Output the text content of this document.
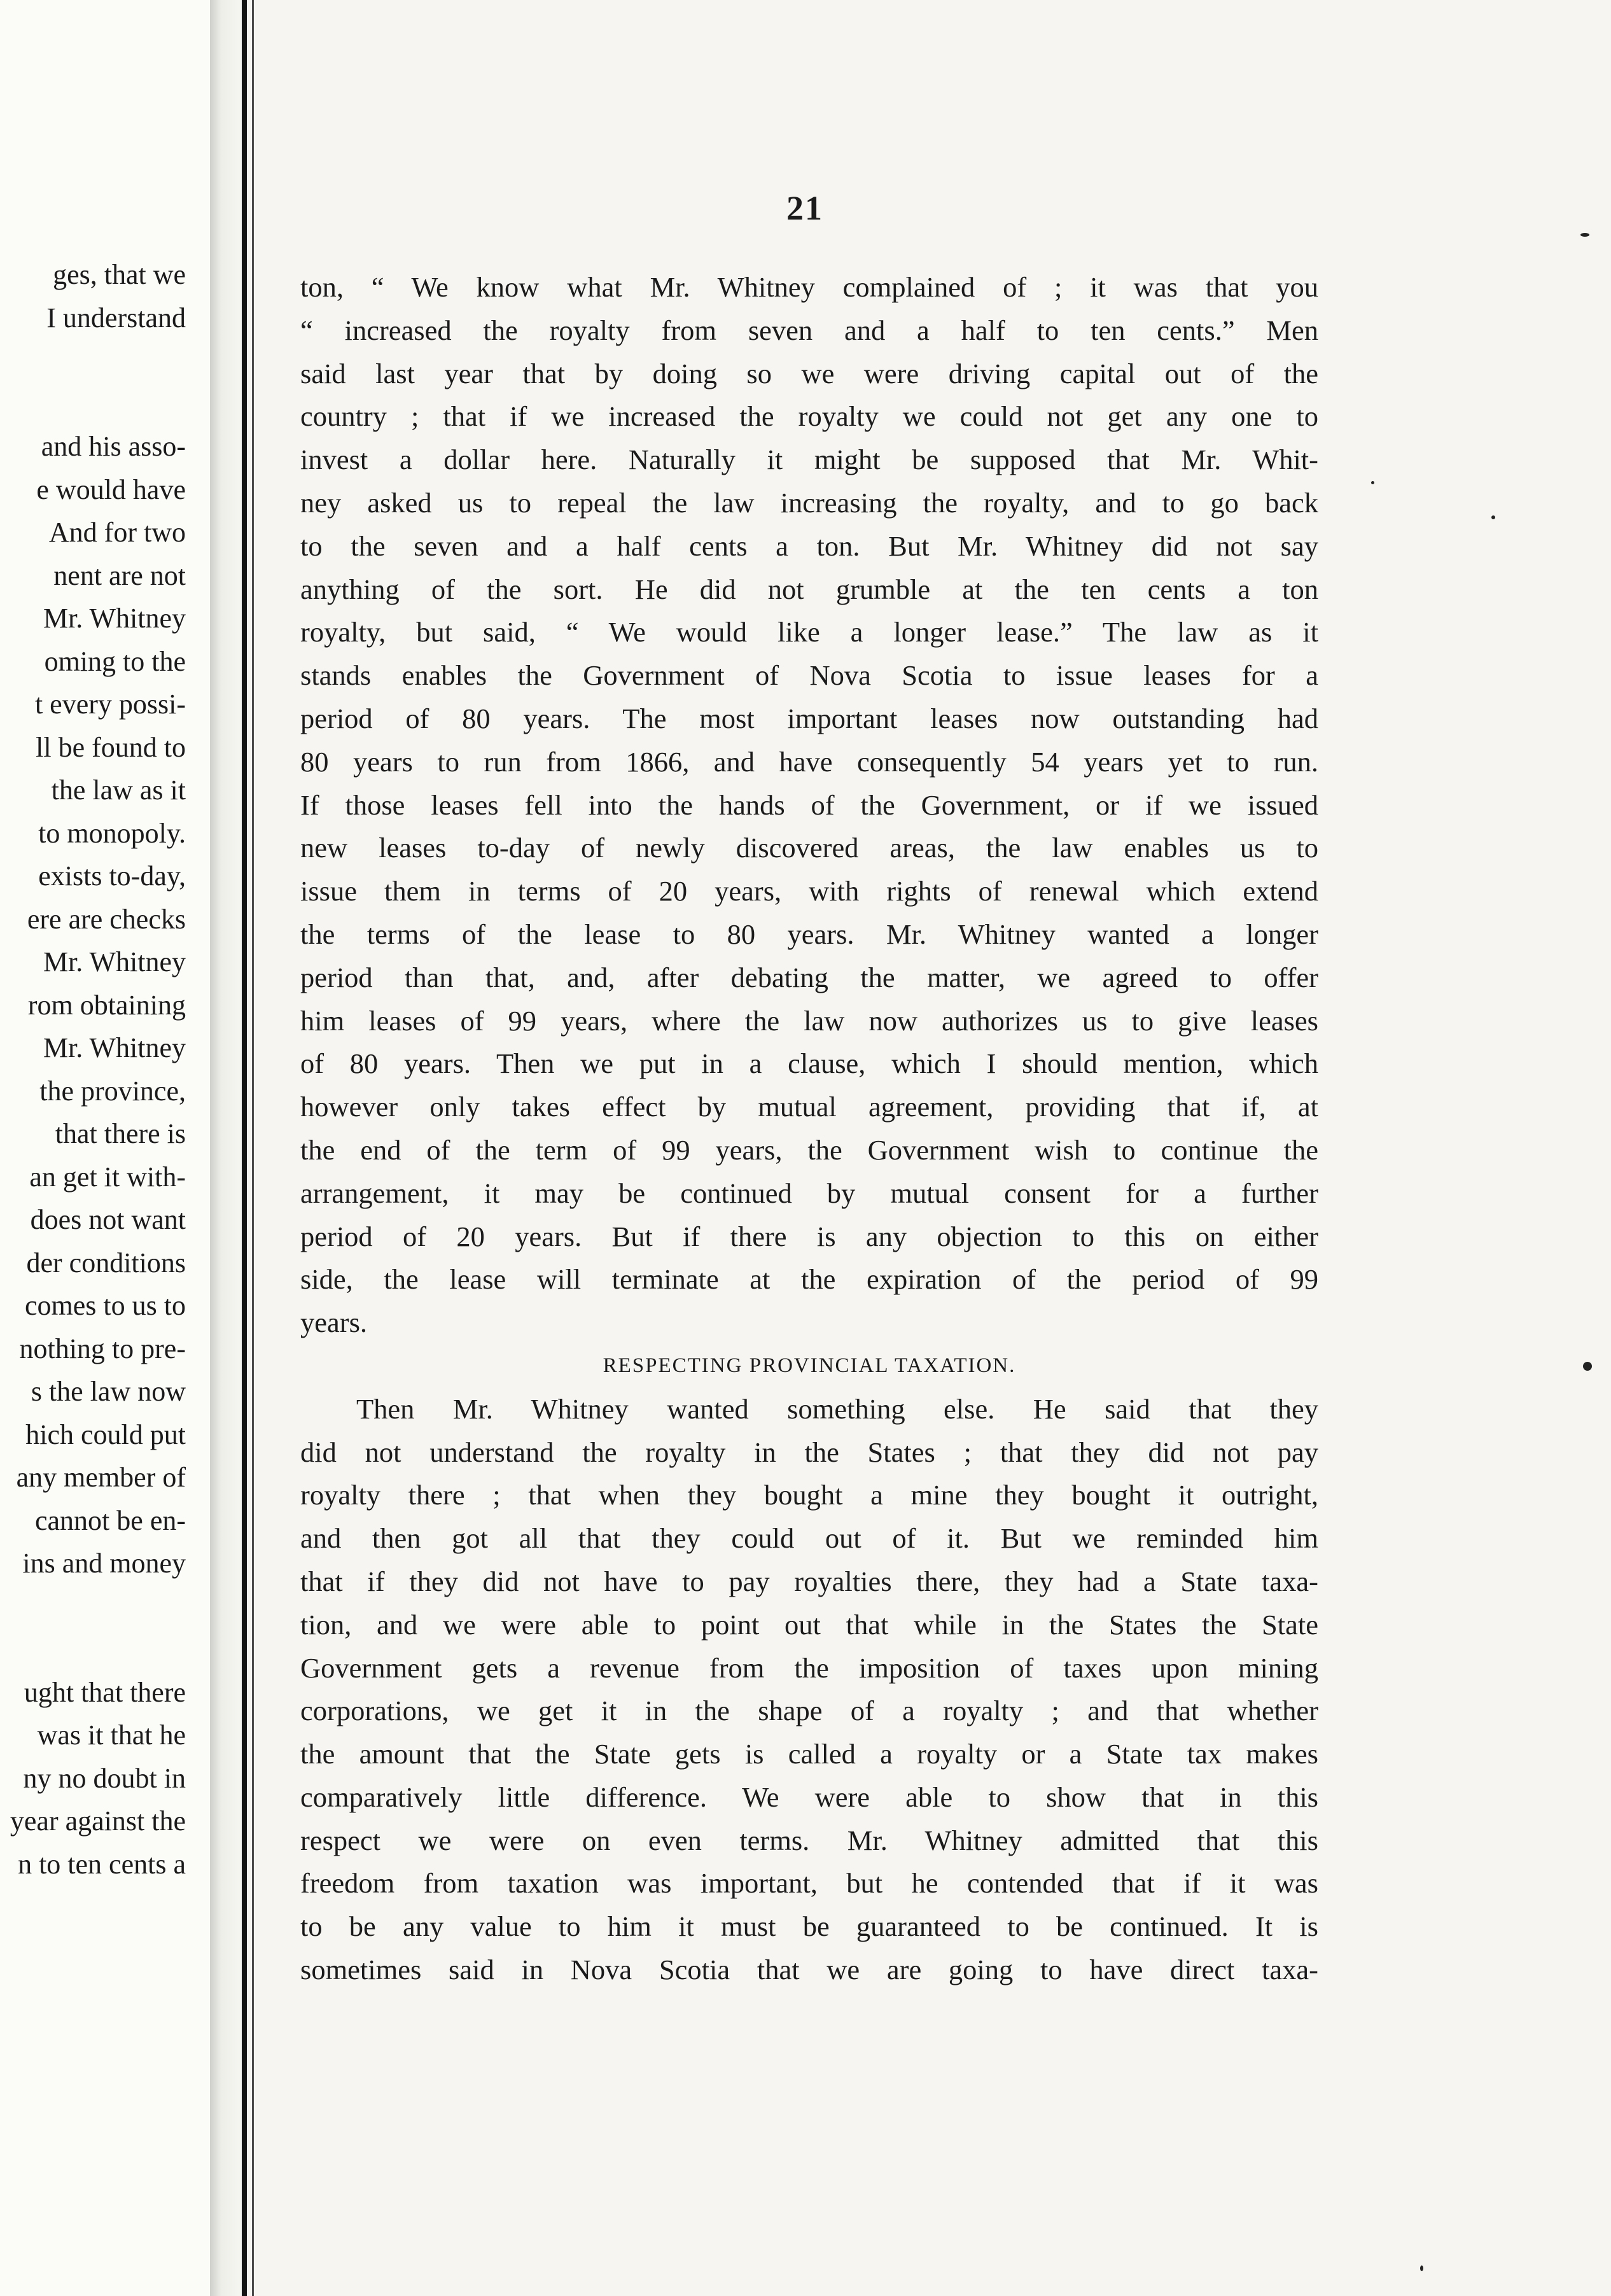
ges, that we
I understand
and his asso-
e would have
And for two
nent are not
Mr. Whitney
oming to the
t every possi-
ll be found to
the law as it
to monopoly.
exists to-day,
ere are checks
Mr. Whitney
rom obtaining
Mr. Whitney
the province,
that there is
an get it with-
does not want
der conditions
comes to us to
nothing to pre-
s the law now
hich could put
any member of
cannot be en-
ins and money
ught that there
was it that he
ny no doubt in
year against the
n to ten cents a
21
ton, “ We know what Mr. Whitney complained of ; it was that you
“ increased the royalty from seven and a half to ten cents.” Men
said last year that by doing so we were driving capital out of the
country ; that if we increased the royalty we could not get any one to
invest a dollar here. Naturally it might be supposed that Mr. Whit-
ney asked us to repeal the law increasing the royalty, and to go back
to the seven and a half cents a ton. But Mr. Whitney did not say
anything of the sort. He did not grumble at the ten cents a ton
royalty, but said, “ We would like a longer lease.” The law as it
stands enables the Government of Nova Scotia to issue leases for a
period of 80 years. The most important leases now outstanding had
80 years to run from 1866, and have consequently 54 years yet to run.
If those leases fell into the hands of the Government, or if we issued
new leases to-day of newly discovered areas, the law enables us to
issue them in terms of 20 years, with rights of renewal which extend
the terms of the lease to 80 years. Mr. Whitney wanted a longer
period than that, and, after debating the matter, we agreed to offer
him leases of 99 years, where the law now authorizes us to give leases
of 80 years. Then we put in a clause, which I should mention, which
however only takes effect by mutual agreement, providing that if, at
the end of the term of 99 years, the Government wish to continue the
arrangement, it may be continued by mutual consent for a further
period of 20 years. But if there is any objection to this on either
side, the lease will terminate at the expiration of the period of 99
years.
RESPECTING PROVINCIAL TAXATION.
Then Mr. Whitney wanted something else. He said that they
did not understand the royalty in the States ; that they did not pay
royalty there ; that when they bought a mine they bought it outright,
and then got all that they could out of it. But we reminded him
that if they did not have to pay royalties there, they had a State taxa-
tion, and we were able to point out that while in the States the State
Government gets a revenue from the imposition of taxes upon mining
corporations, we get it in the shape of a royalty ; and that whether
the amount that the State gets is called a royalty or a State tax makes
comparatively little difference. We were able to show that in this
respect we were on even terms. Mr. Whitney admitted that this
freedom from taxation was important, but he contended that if it was
to be any value to him it must be guaranteed to be continued. It is
sometimes said in Nova Scotia that we are going to have direct taxa-
